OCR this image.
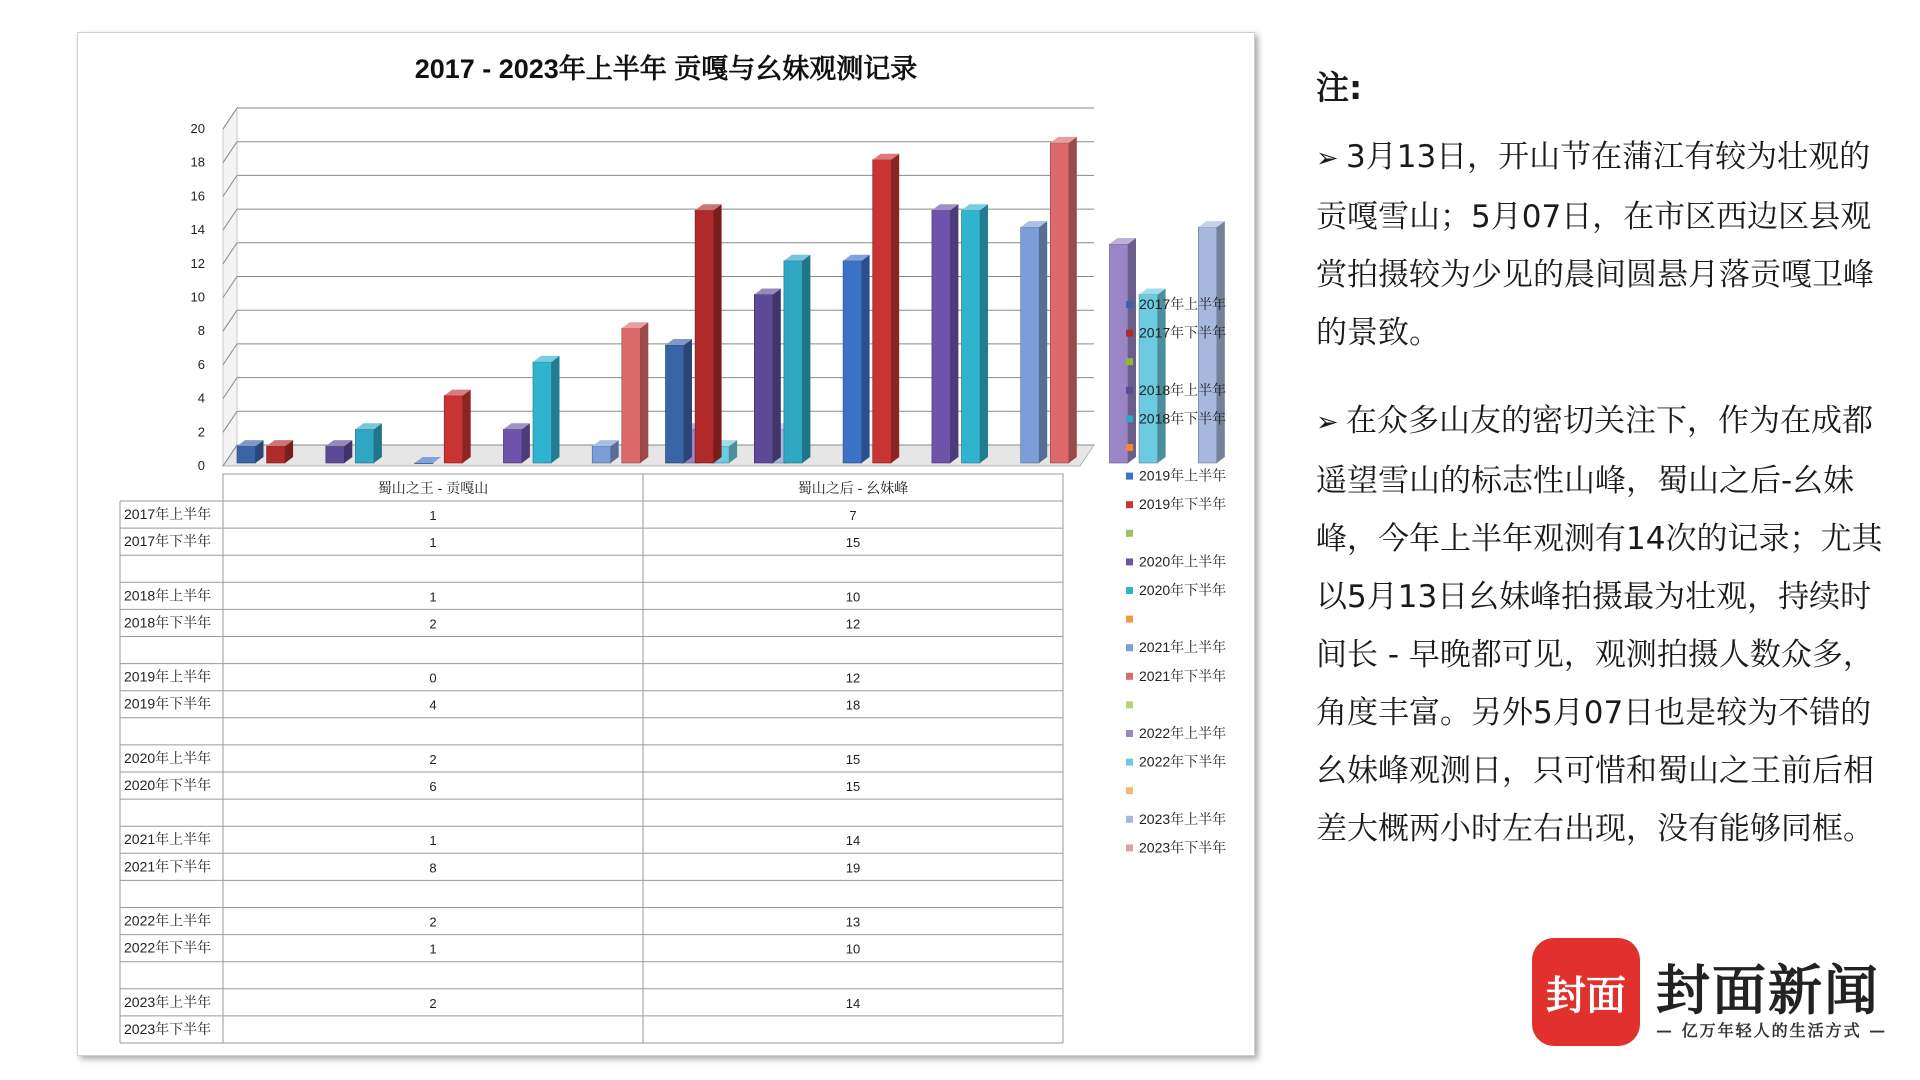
2017 - 2023年上半年 贡嘎与幺妹观测记录
0
2
4
6
8
10
12
14
16
18
20
2017年上半年
2017年下半年
2018年上半年
2018年下半年
2019年上半年
2019年下半年
2020年上半年
2020年下半年
2021年上半年
2021年下半年
2022年上半年
2022年下半年
2023年上半年
2023年下半年
蜀山之王 - 贡嘎山	蜀山之后 - 幺妹峰
2017年上半年	1	7
2017年下半年	1	15
2018年上半年	1	10
2018年下半年	2	12
2019年上半年	0	12
2019年下半年	4	18
2020年上半年	2	15
2020年下半年	6	15
2021年上半年	1	14
2021年下半年	8	19
2022年上半年	2	13
2022年下半年	1	10
2023年上半年	2	14
2023年下半年
注:

➢ 3月13日，开山节在蒲江有较为壮观的贡嘎雪山；5月07日，在市区西边区县观赏拍摄较为少见的晨间圆悬月落贡嘎卫峰的景致。

➢ 在众多山友的密切关注下，作为在成都遥望雪山的标志性山峰，蜀山之后-幺妹峰，今年上半年观测有14次的记录；尤其以5月13日幺妹峰拍摄最为壮观，持续时间长 - 早晚都可见，观测拍摄人数众多，角度丰富。另外5月07日也是较为不错的幺妹峰观测日，只可惜和蜀山之王前后相差大概两小时左右出现，没有能够同框。

封面 封面新闻
— 亿万年轻人的生活方式 —
